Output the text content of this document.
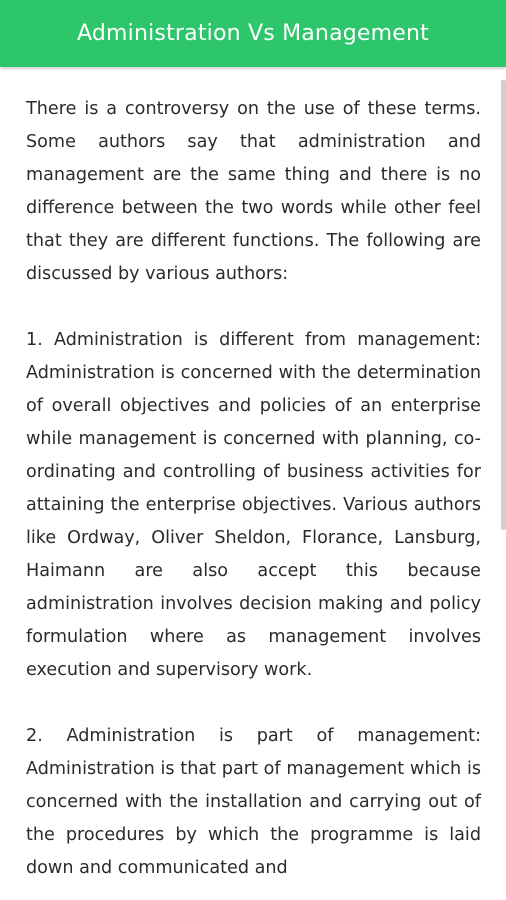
Administration Vs Management

There is a controversy on the use of these terms. Some authors say that administration and management are the same thing and there is no difference between the two words while other feel that they are different functions. The following are discussed by various authors:

1. Administration is different from management: Administration is concerned with the determination of overall objectives and policies of an enterprise while management is concerned with planning, co-ordinating and controlling of business activities for attaining the enterprise objectives. Various authors like Ordway, Oliver Sheldon, Florance, Lansburg, Haimann are also accept this because administration involves decision making and policy formulation where as management involves execution and supervisory work.

2. Administration is part of management: Administration is that part of management which is concerned with the installation and carrying out of the procedures by which the programme is laid down and communicated and
